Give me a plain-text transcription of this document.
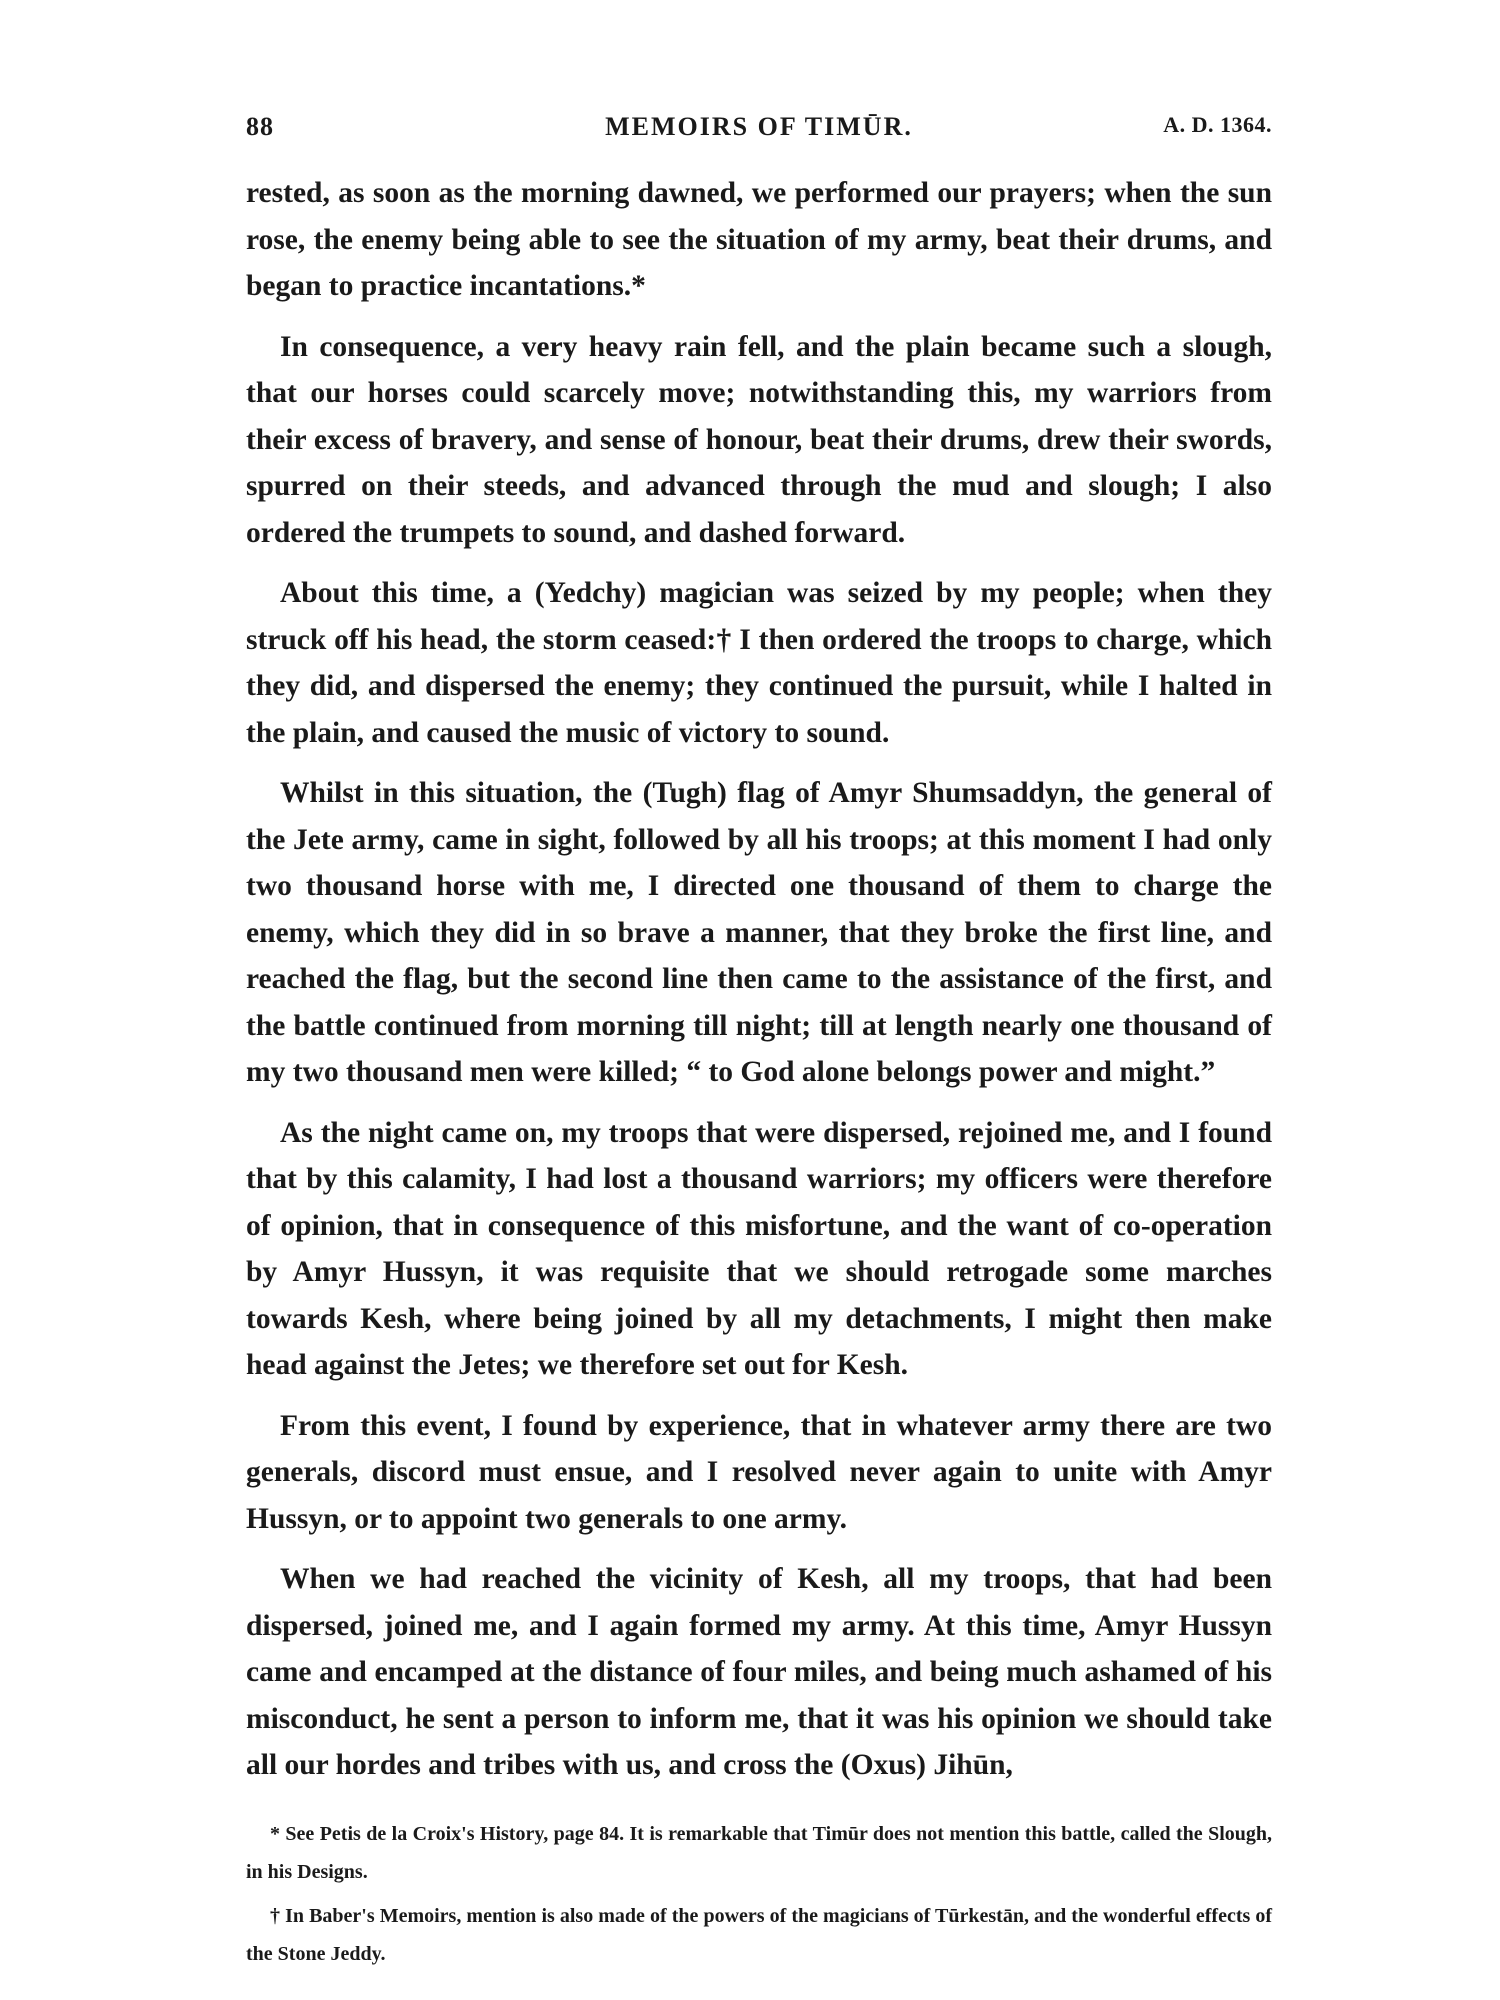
88	MEMOIRS OF TIMŪR.	A. D. 1364.

rested, as soon as the morning dawned, we performed our prayers; when the sun rose, the enemy being able to see the situation of my army, beat their drums, and began to practice incantations.*

In consequence, a very heavy rain fell, and the plain became such a slough, that our horses could scarcely move; notwithstanding this, my warriors from their excess of bravery, and sense of honour, beat their drums, drew their swords, spurred on their steeds, and advanced through the mud and slough; I also ordered the trumpets to sound, and dashed forward.

About this time, a (Yedchy) magician was seized by my people; when they struck off his head, the storm ceased:† I then ordered the troops to charge, which they did, and dispersed the enemy; they continued the pursuit, while I halted in the plain, and caused the music of victory to sound.

Whilst in this situation, the (Tugh) flag of Amyr Shumsaddyn, the general of the Jete army, came in sight, followed by all his troops; at this moment I had only two thousand horse with me, I directed one thousand of them to charge the enemy, which they did in so brave a manner, that they broke the first line, and reached the flag, but the second line then came to the assistance of the first, and the battle continued from morning till night; till at length nearly one thousand of my two thousand men were killed; “ to God alone belongs power and might.”

As the night came on, my troops that were dispersed, rejoined me, and I found that by this calamity, I had lost a thousand warriors; my officers were therefore of opinion, that in consequence of this misfortune, and the want of co-operation by Amyr Hussyn, it was requisite that we should retrogade some marches towards Kesh, where being joined by all my detachments, I might then make head against the Jetes; we therefore set out for Kesh.

From this event, I found by experience, that in whatever army there are two generals, discord must ensue, and I resolved never again to unite with Amyr Hussyn, or to appoint two generals to one army.

When we had reached the vicinity of Kesh, all my troops, that had been dispersed, joined me, and I again formed my army. At this time, Amyr Hussyn came and encamped at the distance of four miles, and being much ashamed of his misconduct, he sent a person to inform me, that it was his opinion we should take all our hordes and tribes with us, and cross the (Oxus) Jihūn,

* See Petis de la Croix's History, page 84. It is remarkable that Timūr does not mention this battle, called the Slough, in his Designs.

† In Baber's Memoirs, mention is also made of the powers of the magicians of Tūrkestān, and the wonderful effects of the Stone Jeddy.
